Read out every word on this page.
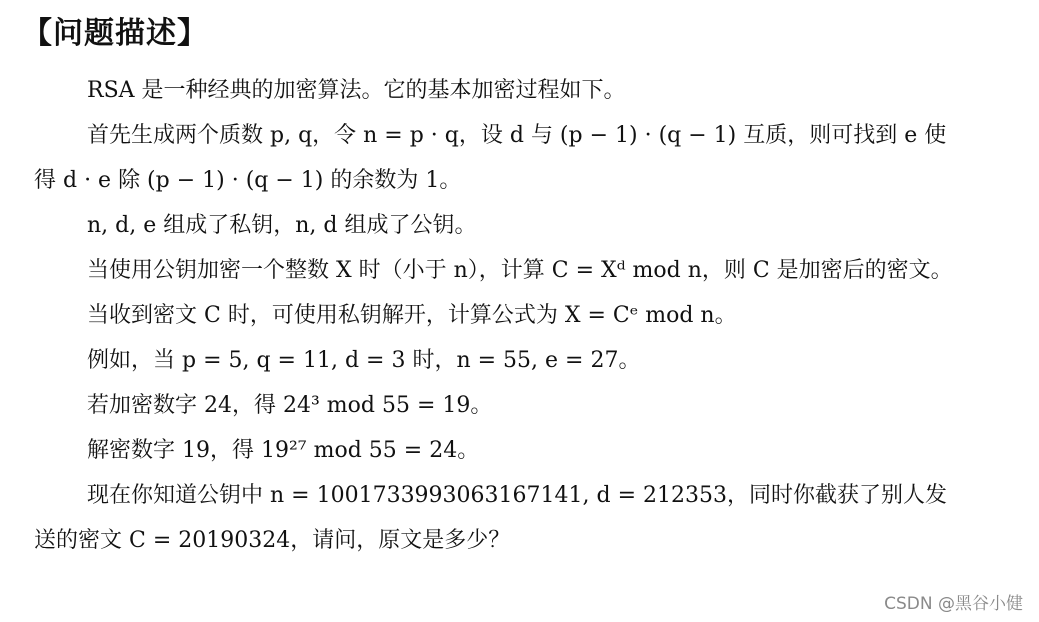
【问题描述】

RSA 是一种经典的加密算法。它的基本加密过程如下。

首先生成两个质数 p, q，令 n = p · q，设 d 与 (p − 1) · (q − 1) 互质，则可找到 e 使得 d · e 除 (p − 1) · (q − 1) 的余数为 1。

n, d, e 组成了私钥，n, d 组成了公钥。

当使用公钥加密一个整数 X 时（小于 n），计算 C = Xᵈ mod n，则 C 是加密后的密文。

当收到密文 C 时，可使用私钥解开，计算公式为 X = Cᵉ mod n。

例如，当 p = 5, q = 11, d = 3 时，n = 55, e = 27。

若加密数字 24，得 24³ mod 55 = 19。

解密数字 19，得 19²⁷ mod 55 = 24。

现在你知道公钥中 n = 1001733993063167141, d = 212353，同时你截获了别人发送的密文 C = 20190324，请问，原文是多少？

CSDN @黑谷小健
